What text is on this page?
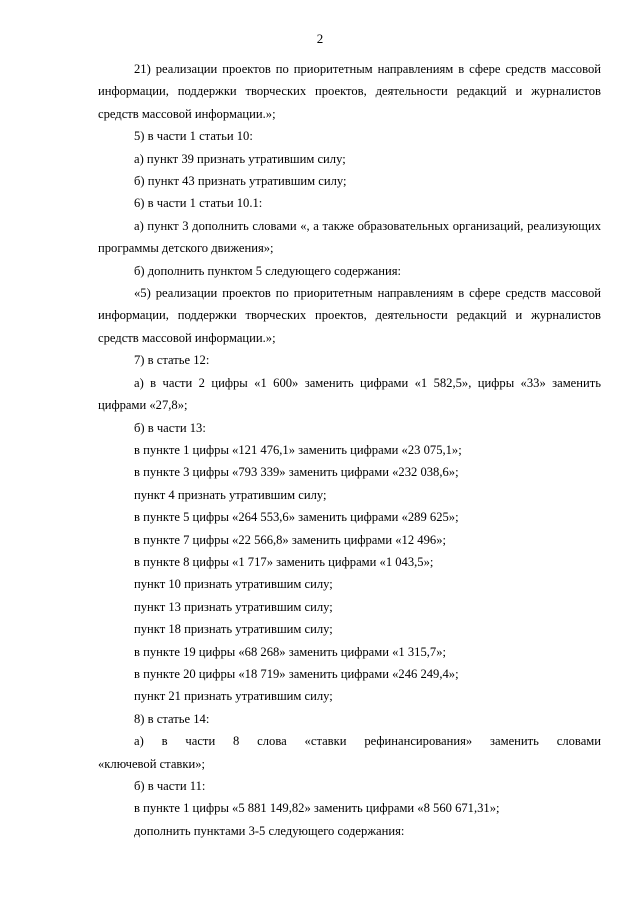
2

21) реализации проектов по приоритетным направлениям в сфере средств массовой информации, поддержки творческих проектов, деятельности редакций и журналистов средств массовой информации.»;

5) в части 1 статьи 10:

а) пункт 39 признать утратившим силу;

б) пункт 43 признать утратившим силу;

6) в части 1 статьи 10.1:

а) пункт 3 дополнить словами «, а также образовательных организаций, реализующих программы детского движения»;

б) дополнить пунктом 5 следующего содержания:

«5) реализации проектов по приоритетным направлениям в сфере средств массовой информации, поддержки творческих проектов, деятельности редакций и журналистов средств массовой информации.»;

7) в статье 12:

а) в части 2 цифры «1 600» заменить цифрами «1 582,5», цифры «33» заменить цифрами «27,8»;

б) в части 13:

в пункте 1 цифры «121 476,1» заменить цифрами «23 075,1»;

в пункте 3 цифры «793 339» заменить цифрами «232 038,6»;

пункт 4 признать утратившим силу;

в пункте 5 цифры «264 553,6» заменить цифрами «289 625»;

в пункте 7 цифры «22 566,8» заменить цифрами «12 496»;

в пункте 8 цифры «1 717» заменить цифрами «1 043,5»;

пункт 10 признать утратившим силу;

пункт 13 признать утратившим силу;

пункт 18 признать утратившим силу;

в пункте 19 цифры «68 268» заменить цифрами «1 315,7»;

в пункте 20 цифры «18 719» заменить цифрами «246 249,4»;

пункт 21 признать утратившим силу;

8) в статье 14:

а) в части 8 слова «ставки рефинансирования» заменить словами
«ключевой ставки»;

б) в части 11:

в пункте 1 цифры «5 881 149,82» заменить цифрами «8 560 671,31»;

дополнить пунктами 3-5 следующего содержания:
